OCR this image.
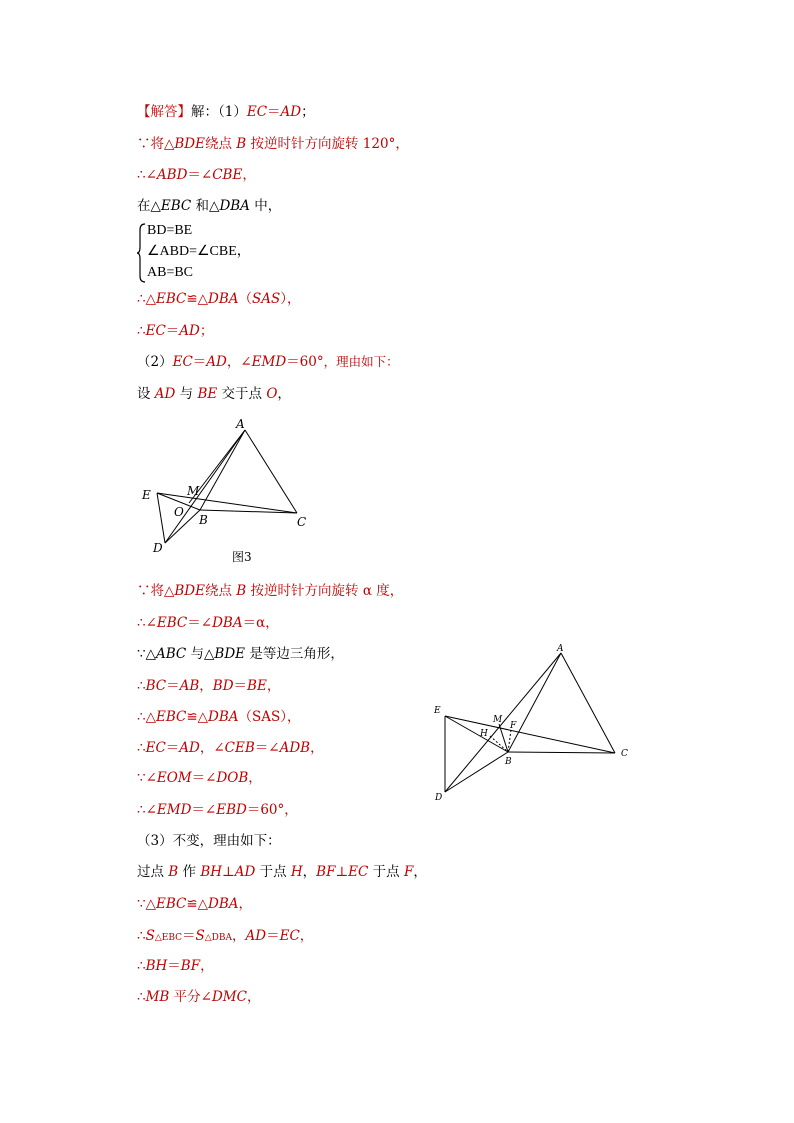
【解答】解：（1）EC＝AD；
∵将△BDE绕点 B 按逆时针方向旋转 120°，
∴∠ABD＝∠CBE，
在△EBC 和△DBA 中，
BD=BE
∠ABD=∠CBE，
AB=BC
∴△EBC≌△DBA（SAS），
∴EC＝AD；
（2）EC＝AD，∠EMD＝60°，理由如下：
设 AD 与 BE 交于点 O，
A
E	M
O
B	C
D
图3
∵将△BDE绕点 B 按逆时针方向旋转 α 度，
∴∠EBC＝∠DBA＝α，
∵△ABC 与△BDE 是等边三角形，
∴BC＝AB，BD＝BE，
∴△EBC≌△DBA（SAS），
∴EC＝AD，∠CEB＝∠ADB，
∵∠EOM＝∠DOB，
∴∠EMD＝∠EBD＝60°，
A
E
M
F
H
B
C
D
（3）不变，理由如下：
过点 B 作 BH⊥AD 于点 H，BF⊥EC 于点 F，
∵△EBC≌△DBA，
∴S△EBC＝S△DBA，AD＝EC，
∴BH＝BF，
∴MB 平分∠DMC，
